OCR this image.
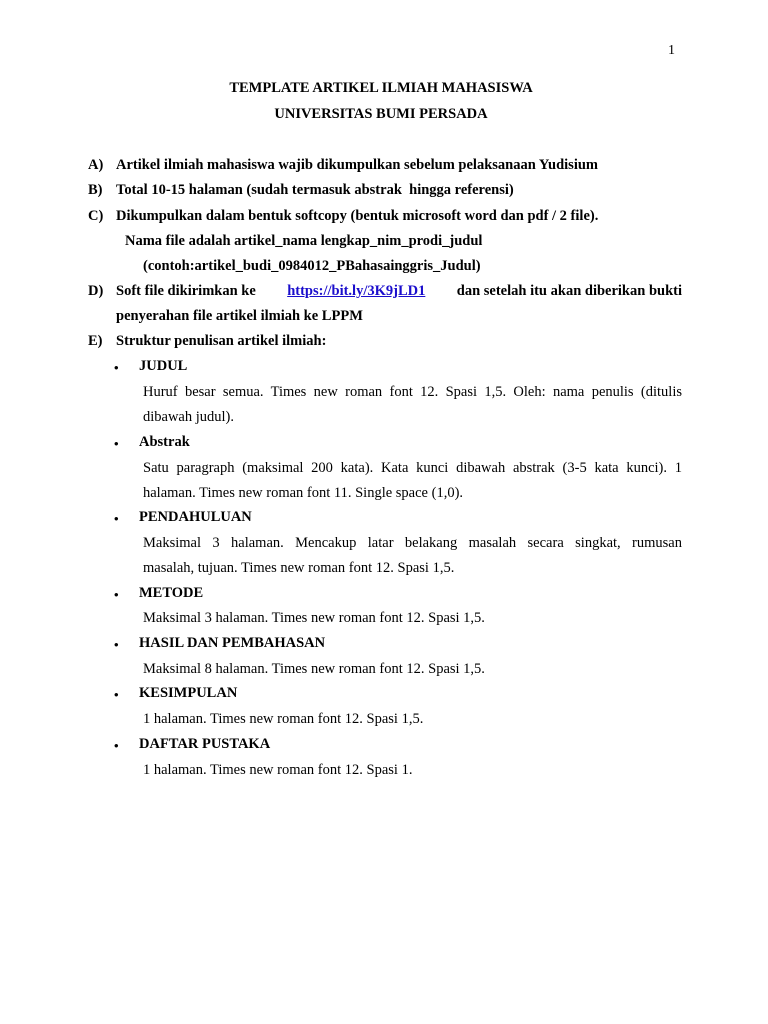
1
TEMPLATE ARTIKEL ILMIAH MAHASISWA
UNIVERSITAS BUMI PERSADA
A) Artikel ilmiah mahasiswa wajib dikumpulkan sebelum pelaksanaan Yudisium
B) Total 10-15 halaman (sudah termasuk abstrak  hingga referensi)
C) Dikumpulkan dalam bentuk softcopy (bentuk microsoft word dan pdf / 2 file).
Nama file adalah artikel_nama lengkap_nim_prodi_judul
(contoh:artikel_budi_0984012_PBahasainggris_Judul)
D) Soft file dikirimkan ke https://bit.ly/3K9jLD1 dan setelah itu akan diberikan bukti
penyerahan file artikel ilmiah ke LPPM
E) Struktur penulisan artikel ilmiah:
• JUDUL
Huruf besar semua. Times new roman font 12. Spasi 1,5. Oleh: nama penulis (ditulis
dibawah judul).
• Abstrak
Satu paragraph (maksimal 200 kata). Kata kunci dibawah abstrak (3-5 kata kunci). 1
halaman. Times new roman font 11. Single space (1,0).
• PENDAHULUAN
Maksimal 3 halaman. Mencakup latar belakang masalah secara singkat, rumusan
masalah, tujuan. Times new roman font 12. Spasi 1,5.
• METODE
Maksimal 3 halaman. Times new roman font 12. Spasi 1,5.
• HASIL DAN PEMBAHASAN
Maksimal 8 halaman. Times new roman font 12. Spasi 1,5.
• KESIMPULAN
1 halaman. Times new roman font 12. Spasi 1,5.
• DAFTAR PUSTAKA
1 halaman. Times new roman font 12. Spasi 1.
